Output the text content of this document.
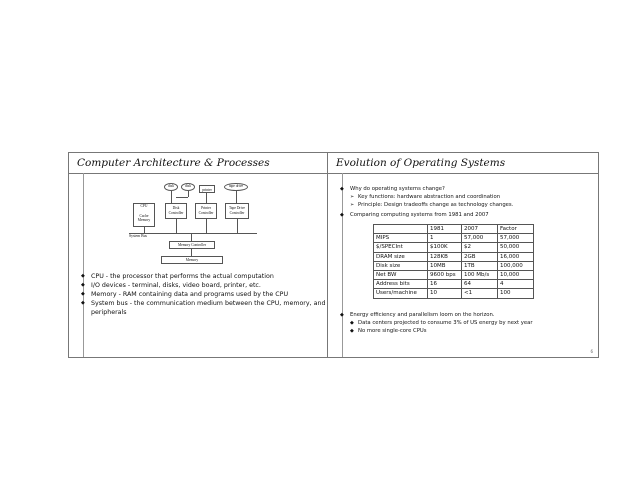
Computer Architecture & Processes
disk	disk
printer
tape drive
CPU
Cache Memory
Disk Controller
Printer Controller
Tape Drive Controller
System Bus
Memory Controller
Memory
◆ CPU - the processor that performs the actual computation
◆ I/O devices - terminal, disks, video board, printer, etc.
◆ Memory - RAM containing data and programs used by the CPU
◆ System bus - the communication medium between the CPU, memory, and peripherals
Evolution of Operating Systems
◆ Why do operating systems change?
➢ Key functions: hardware abstraction and coordination
➢ Principle: Design tradeoffs change as technology changes.
◆ Comparing computing systems from 1981 and 2007
	1981	2007	Factor
MIPS	1	57,000	57,000
$/SPECInt	$100K	$2	50,000
DRAM size	128KB	2GB	16,000
Disk size	10MB	1TB	100,000
Net BW	9600 bps	100 Mb/s	10,000
Address bits	16	64	4
Users/machine	10	<1	100
◆ Energy efficiency and parallelism loom on the horizon.
◆ Data centers projected to consume 3% of US energy by next year
◆ No more single-core CPUs
6
